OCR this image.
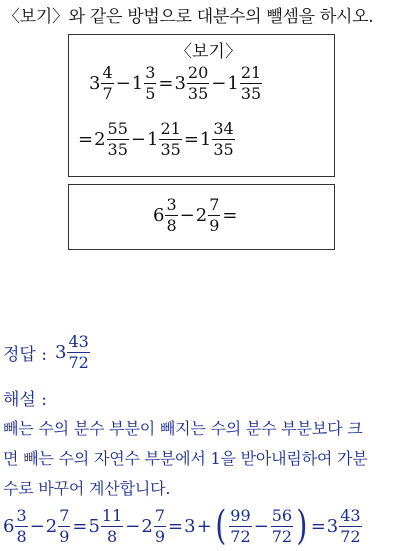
〈보기〉와 같은 방법으로 대분수의 뺄셈을 하시오.
〈보기〉
$3 \frac{4}{7} - 1 \frac{3}{5} = 3 \frac{20}{35} - 1 \frac{21}{35}$
= $2 \frac{55}{35} - 1 \frac{21}{35} = 1 \frac{34}{35}$
$6 \frac{3}{8} - 2 \frac{7}{9}$ =
정답 : $3 \frac{43}{72}$
해설 :
빼는 수의 분수 부분이 빼지는 수의 분수 부분보다 크
면 빼는 수의 자연수 부분에서 1을 받아내림하여 가분
수로 바꾸어 계산합니다.
$6 \frac{3}{8} - 2 \frac{7}{9} = 5 \frac{11}{8} - 2 \frac{7}{9} = 3$ + ( $\frac{99}{72} - \frac{56}{72}$ ) = $3 \frac{43}{72}$
